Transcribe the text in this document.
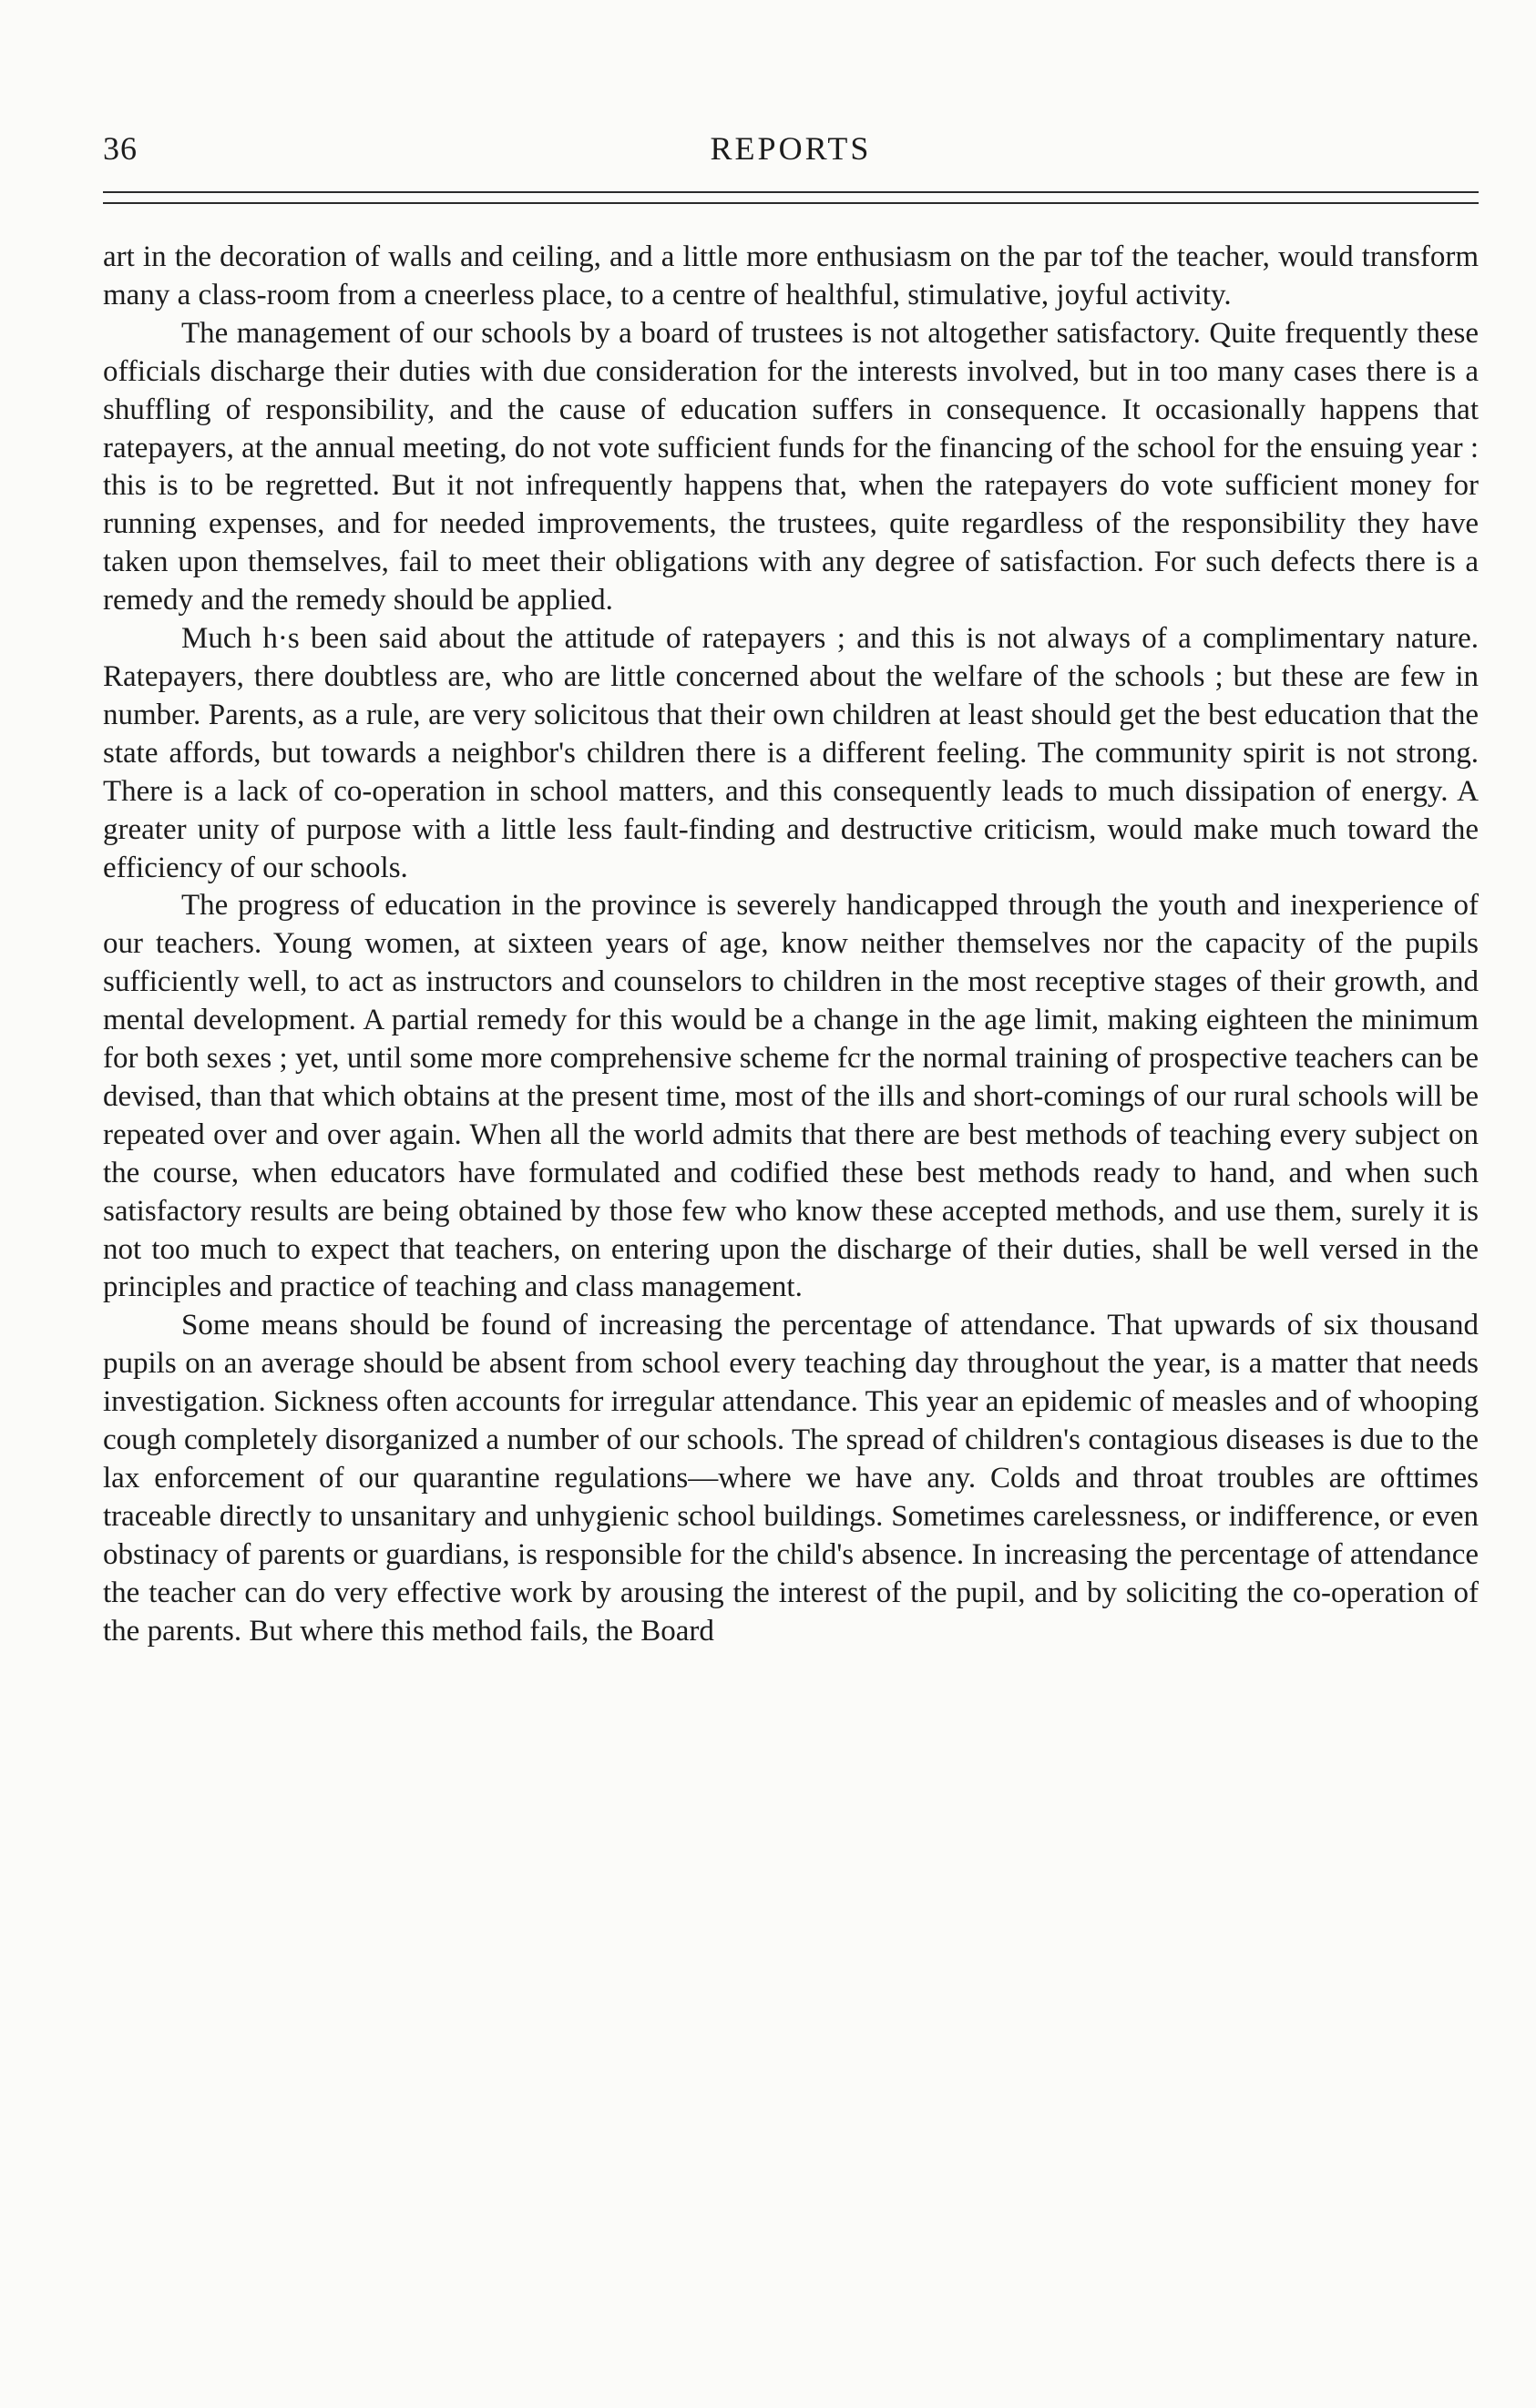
36	REPORTS

art in the decoration of walls and ceiling, and a little more enthusiasm on the par tof the teacher, would transform many a class-room from a cneerless place, to a centre of healthful, stimulative, joyful activity.

The management of our schools by a board of trustees is not altogether satisfactory. Quite frequently these officials discharge their duties with due consideration for the interests involved, but in too many cases there is a shuffling of responsibility, and the cause of education suffers in consequence. It occasionally happens that ratepayers, at the annual meeting, do not vote sufficient funds for the financing of the school for the ensuing year : this is to be regretted. But it not infrequently happens that, when the ratepayers do vote sufficient money for running expenses, and for needed improvements, the trustees, quite regardless of the responsibility they have taken upon themselves, fail to meet their obligations with any degree of satisfaction. For such defects there is a remedy and the remedy should be applied.

Much h·s been said about the attitude of ratepayers ; and this is not always of a complimentary nature. Ratepayers, there doubtless are, who are little concerned about the welfare of the schools ; but these are few in number. Parents, as a rule, are very solicitous that their own children at least should get the best education that the state affords, but towards a neighbor's children there is a different feeling. The community spirit is not strong. There is a lack of co-operation in school matters, and this consequently leads to much dissipation of energy. A greater unity of purpose with a little less fault-finding and destructive criticism, would make much toward the efficiency of our schools.

The progress of education in the province is severely handicapped through the youth and inexperience of our teachers. Young women, at sixteen years of age, know neither themselves nor the capacity of the pupils sufficiently well, to act as instructors and counselors to children in the most receptive stages of their growth, and mental development. A partial remedy for this would be a change in the age limit, making eighteen the minimum for both sexes ; yet, until some more comprehensive scheme fcr the normal training of prospective teachers can be devised, than that which obtains at the present time, most of the ills and short-comings of our rural schools will be repeated over and over again. When all the world admits that there are best methods of teaching every subject on the course, when educators have formulated and codified these best methods ready to hand, and when such satisfactory results are being obtained by those few who know these accepted methods, and use them, surely it is not too much to expect that teachers, on entering upon the discharge of their duties, shall be well versed in the principles and practice of teaching and class management.

Some means should be found of increasing the percentage of attendance. That upwards of six thousand pupils on an average should be absent from school every teaching day throughout the year, is a matter that needs investigation. Sickness often accounts for irregular attendance. This year an epidemic of measles and of whooping cough completely disorganized a number of our schools. The spread of children's contagious diseases is due to the lax enforcement of our quarantine regulations—where we have any. Colds and throat troubles are ofttimes traceable directly to unsanitary and unhygienic school buildings. Sometimes carelessness, or indifference, or even obstinacy of parents or guardians, is responsible for the child's absence. In increasing the percentage of attendance the teacher can do very effective work by arousing the interest of the pupil, and by soliciting the co-operation of the parents. But where this method fails, the Board
